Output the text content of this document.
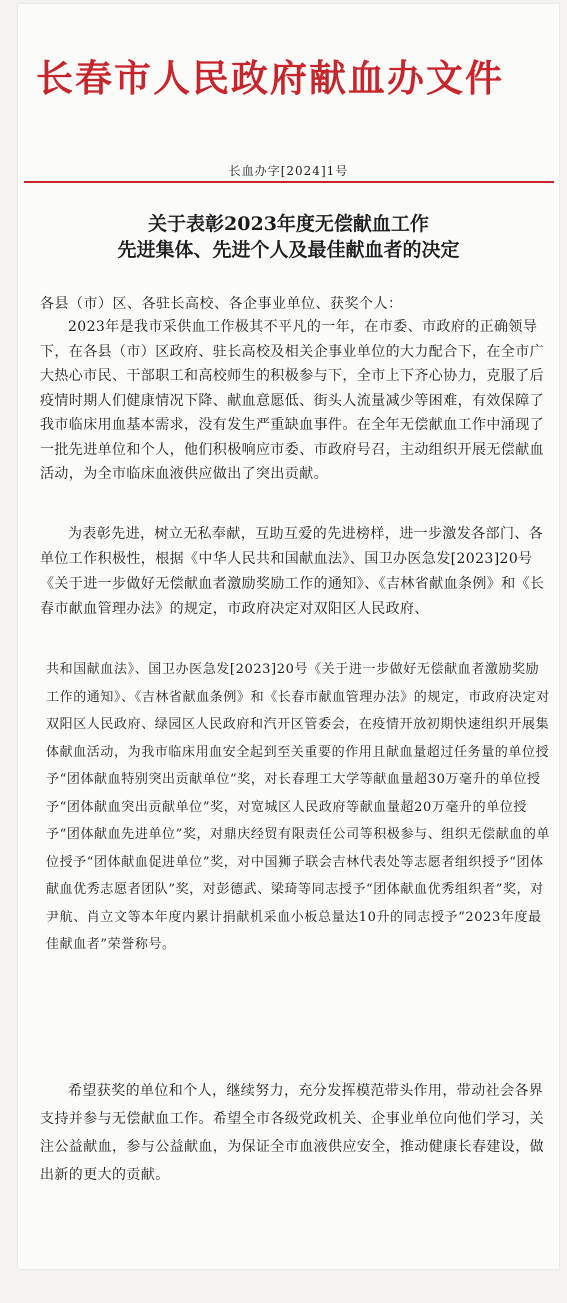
长春市人民政府献血办文件
长血办字[2024]1号
关于表彰2023年度无偿献血工作
先进集体、先进个人及最佳献血者的决定
各县（市）区、各驻长高校、各企事业单位、获奖个人：

2023年是我市采供血工作极其不平凡的一年，在市委、市政府的正确领导下，在各县（市）区政府、驻长高校及相关企事业单位的大力配合下，在全市广大热心市民、干部职工和高校师生的积极参与下，全市上下齐心协力，克服了后疫情时期人们健康情况下降、献血意愿低、街头人流量减少等困难，有效保障了我市临床用血基本需求，没有发生严重缺血事件。在全年无偿献血工作中涌现了一批先进单位和个人，他们积极响应市委、市政府号召，主动组织开展无偿献血活动，为全市临床血液供应做出了突出贡献。

为表彰先进，树立无私奉献，互助互爱的先进榜样，进一步激发各部门、各单位工作积极性，根据《中华人民共和国献血法》、国卫办医急发[2023]20号《关于进一步做好无偿献血者激励奖励工作的通知》、《吉林省献血条例》和《长春市献血管理办法》的规定，市政府决定对双阳区人民政府、

共和国献血法》、国卫办医急发[2023]20号《关于进一步做好无偿献血者激励奖励工作的通知》、《吉林省献血条例》和《长春市献血管理办法》的规定，市政府决定对双阳区人民政府、绿园区人民政府和汽开区管委会，在疫情开放初期快速组织开展集体献血活动，为我市临床用血安全起到至关重要的作用且献血量超过任务量的单位授予“团体献血特别突出贡献单位”奖，对长春理工大学等献血量超30万毫升的单位授予“团体献血突出贡献单位”奖，对宽城区人民政府等献血量超20万毫升的单位授予“团体献血先进单位”奖，对鼎庆经贸有限责任公司等积极参与、组织无偿献血的单位授予“团体献血促进单位”奖，对中国狮子联会吉林代表处等志愿者组织授予“团体献血优秀志愿者团队”奖，对彭德武、梁琦等同志授予“团体献血优秀组织者”奖，对尹航、肖立文等本年度内累计捐献机采血小板总量达10升的同志授予“2023年度最佳献血者”荣誉称号。

希望获奖的单位和个人，继续努力，充分发挥模范带头作用，带动社会各界支持并参与无偿献血工作。希望全市各级党政机关、企事业单位向他们学习，关注公益献血，参与公益献血，为保证全市血液供应安全，推动健康长春建设，做出新的更大的贡献。
